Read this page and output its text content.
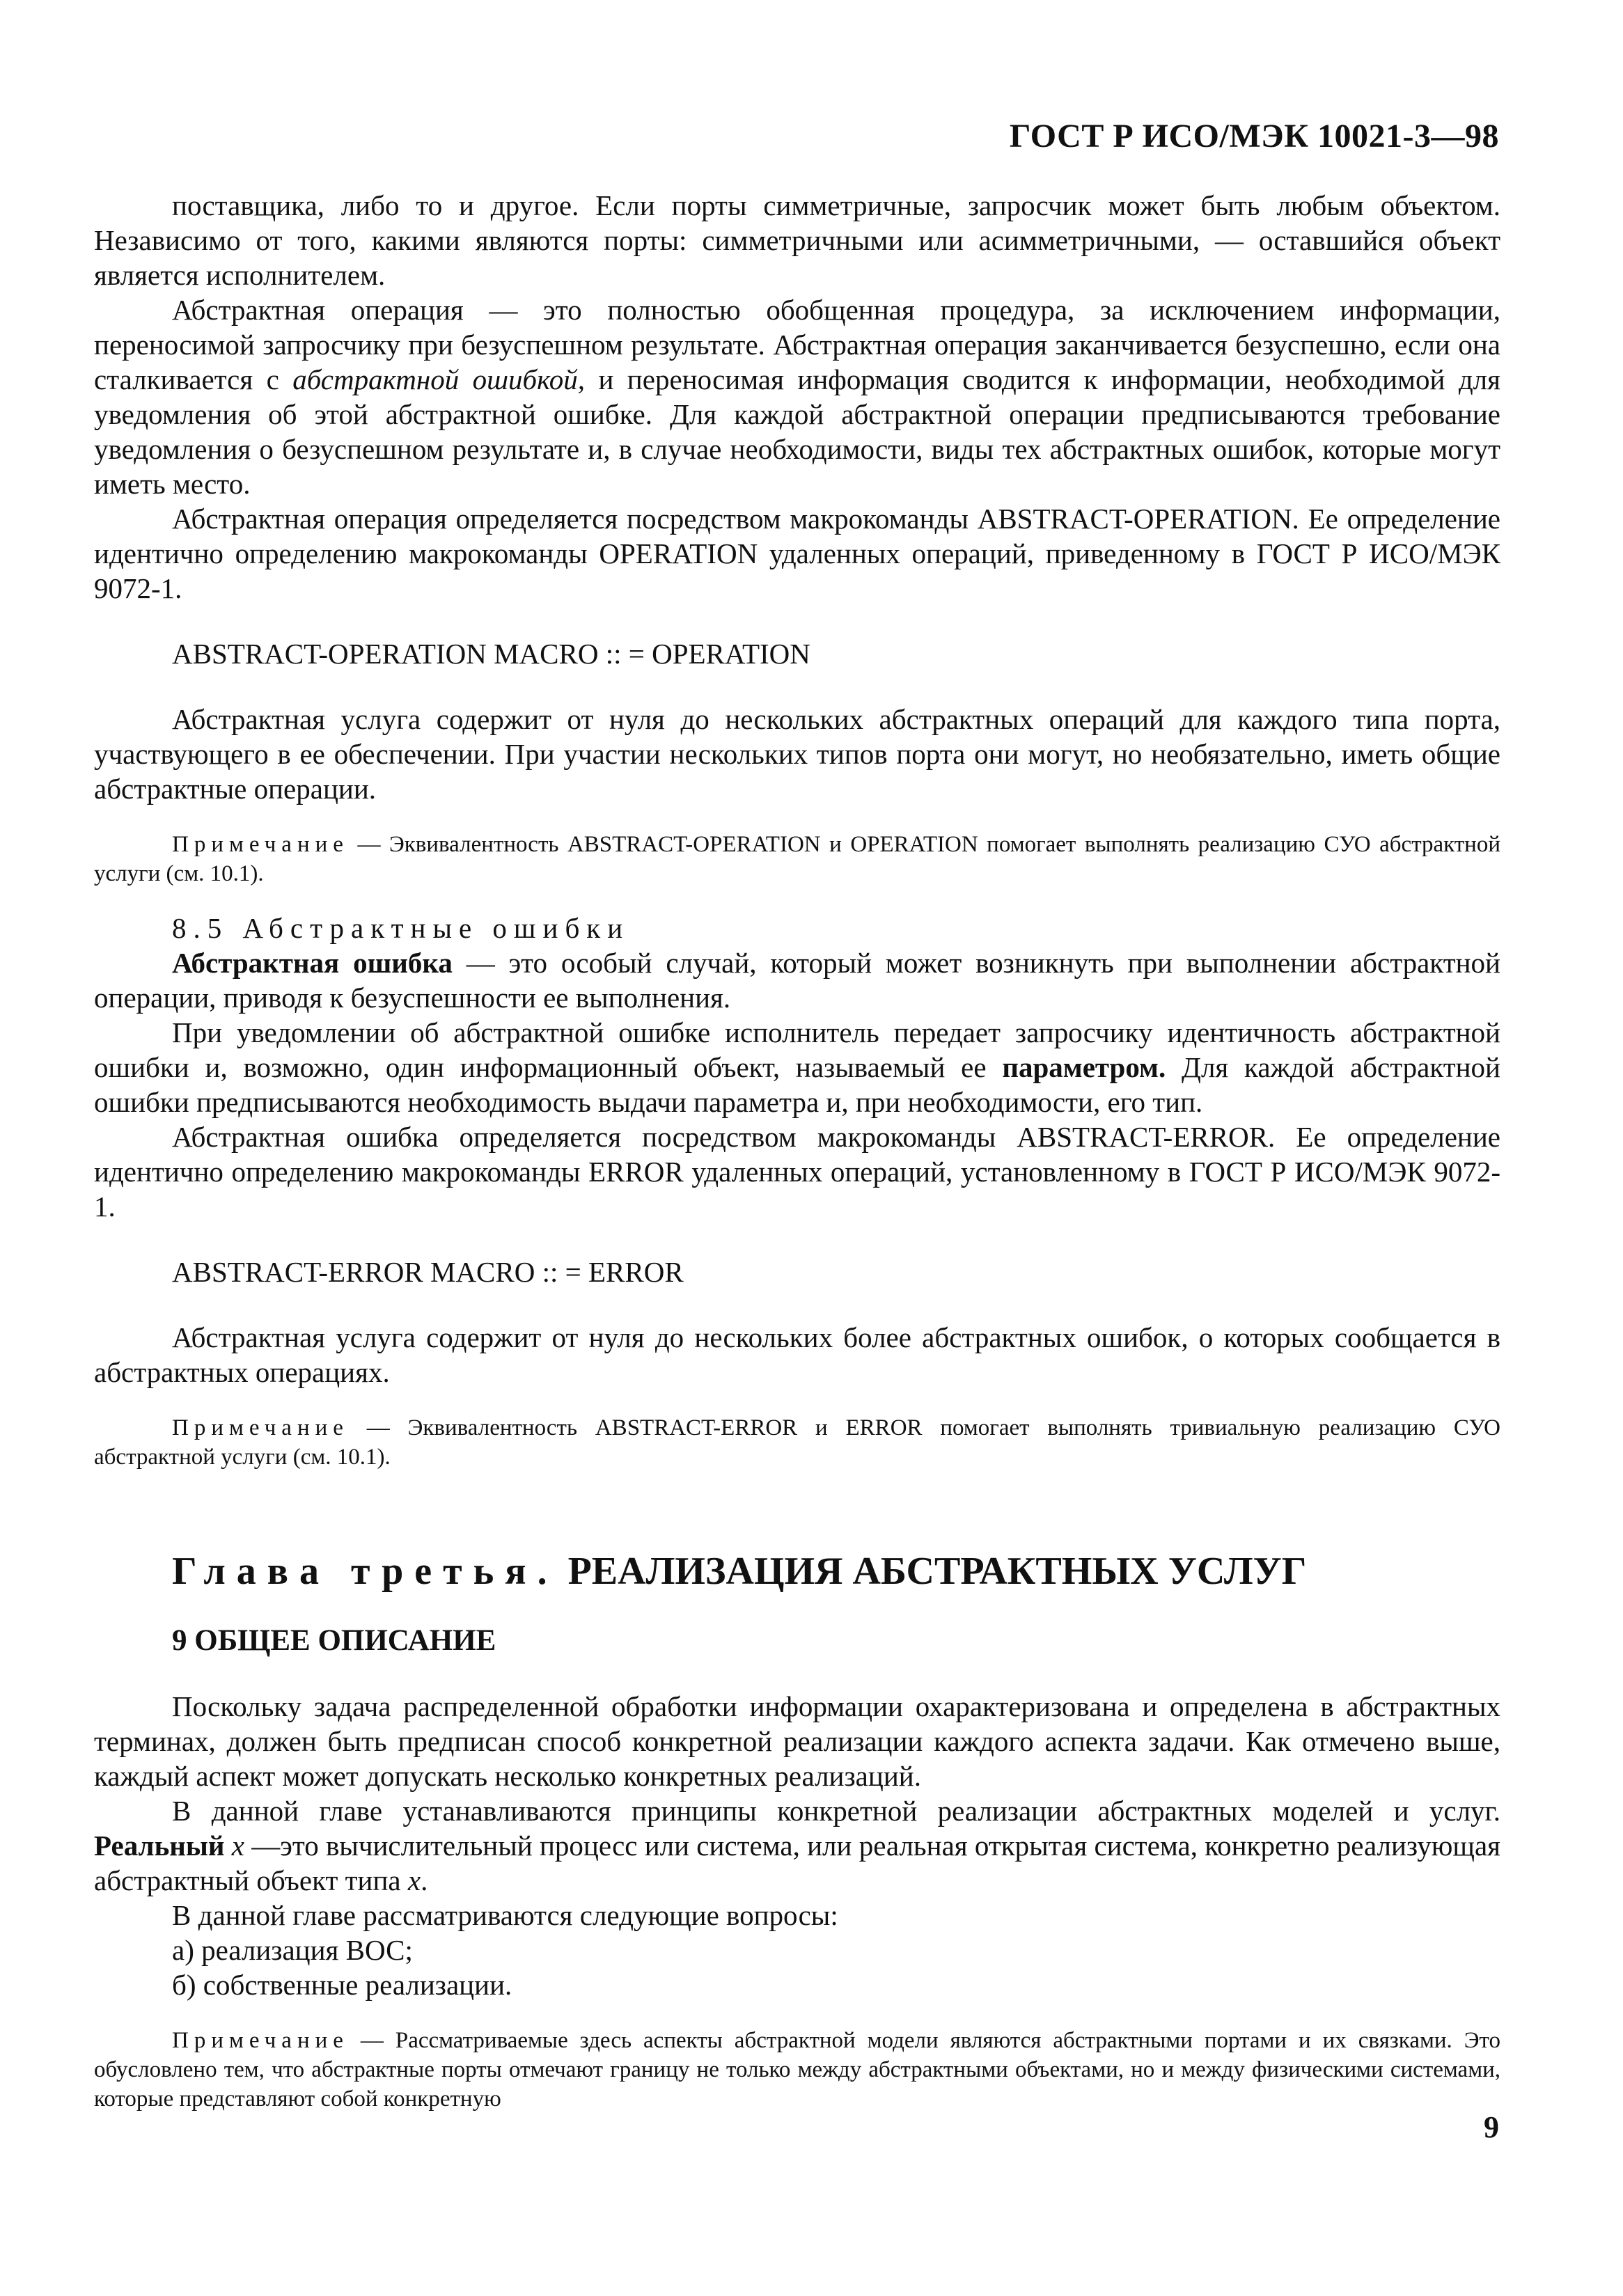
ГОСТ Р ИСО/МЭК 10021-3—98

поставщика, либо то и другое. Если порты симметричные, запросчик может быть любым объектом. Независимо от того, какими являются порты: симметричными или асимметричными, — оставшийся объект является исполнителем.

Абстрактная операция — это полностью обобщенная процедура, за исключением информации, переносимой запросчику при безуспешном результате. Абстрактная операция заканчивается безуспешно, если она сталкивается с абстрактной ошибкой, и переносимая информация сводится к информации, необходимой для уведомления об этой абстрактной ошибке. Для каждой абстрактной операции предписываются требование уведомления о безуспешном результате и, в случае необходимости, виды тех абстрактных ошибок, которые могут иметь место.

Абстрактная операция определяется посредством макрокоманды ABSTRACT-OPERATION. Ее определение идентично определению макрокоманды OPERATION удаленных операций, приведенному в ГОСТ Р ИСО/МЭК 9072-1.

ABSTRACT-OPERATION MACRO :: = OPERATION

Абстрактная услуга содержит от нуля до нескольких абстрактных операций для каждого типа порта, участвующего в ее обеспечении. При участии нескольких типов порта они могут, но необязательно, иметь общие абстрактные операции.

Примечание — Эквивалентность ABSTRACT-OPERATION и OPERATION помогает выполнять реализацию СУО абстрактной услуги (см. 10.1).

8.5 Абстрактные ошибки

Абстрактная ошибка — это особый случай, который может возникнуть при выполнении абстрактной операции, приводя к безуспешности ее выполнения.

При уведомлении об абстрактной ошибке исполнитель передает запросчику идентичность абстрактной ошибки и, возможно, один информационный объект, называемый ее параметром. Для каждой абстрактной ошибки предписываются необходимость выдачи параметра и, при необходимости, его тип.

Абстрактная ошибка определяется посредством макрокоманды ABSTRACT-ERROR. Ее определение идентично определению макрокоманды ERROR удаленных операций, установленному в ГОСТ Р ИСО/МЭК 9072-1.

ABSTRACT-ERROR MACRO :: = ERROR

Абстрактная услуга содержит от нуля до нескольких более абстрактных ошибок, о которых сообщается в абстрактных операциях.

Примечание — Эквивалентность ABSTRACT-ERROR и ERROR помогает выполнять тривиальную реализацию СУО абстрактной услуги (см. 10.1).

Глава третья. РЕАЛИЗАЦИЯ АБСТРАКТНЫХ УСЛУГ
9 ОБЩЕЕ ОПИСАНИЕ

Поскольку задача распределенной обработки информации охарактеризована и определена в абстрактных терминах, должен быть предписан способ конкретной реализации каждого аспекта задачи. Как отмечено выше, каждый аспект может допускать несколько конкретных реализаций.

В данной главе устанавливаются принципы конкретной реализации абстрактных моделей и услуг. Реальный x —это вычислительный процесс или система, или реальная открытая система, конкретно реализующая абстрактный объект типа x.

В данной главе рассматриваются следующие вопросы:

а) реализация ВОС;
б) собственные реализации.

Примечание — Рассматриваемые здесь аспекты абстрактной модели являются абстрактными портами и их связками. Это обусловлено тем, что абстрактные порты отмечают границу не только между абстрактными объектами, но и между физическими системами, которые представляют собой конкретную

9
